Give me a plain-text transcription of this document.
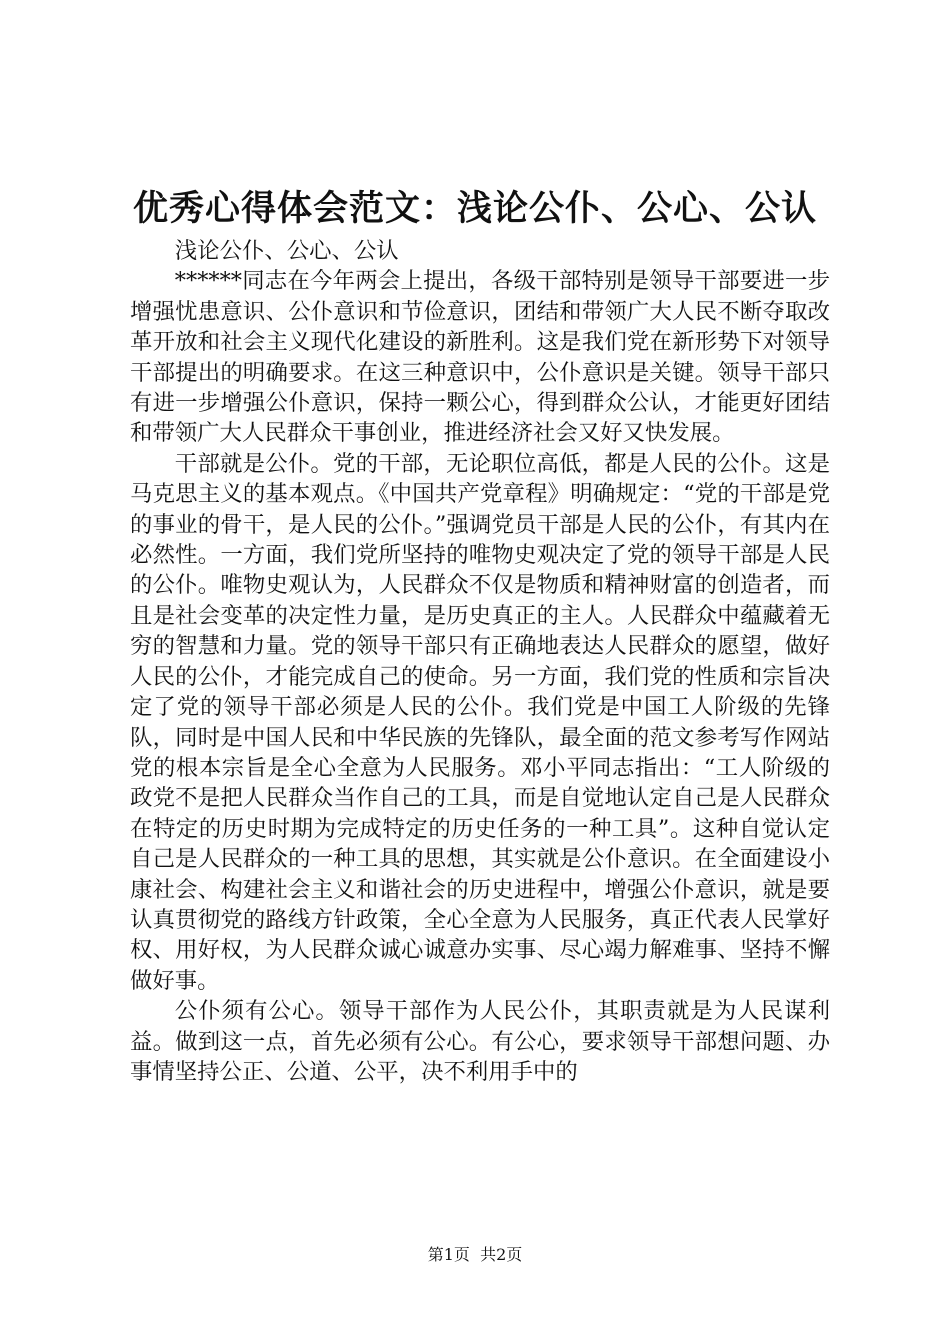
优秀心得体会范文：浅论公仆、公心、公认

浅论公仆、公心、公认

******同志在今年两会上提出，各级干部特别是领导干部要进一步增强忧患意识、公仆意识和节俭意识，团结和带领广大人民不断夺取改革开放和社会主义现代化建设的新胜利。这是我们党在新形势下对领导干部提出的明确要求。在这三种意识中，公仆意识是关键。领导干部只有进一步增强公仆意识，保持一颗公心，得到群众公认，才能更好团结和带领广大人民群众干事创业，推进经济社会又好又快发展。

干部就是公仆。党的干部，无论职位高低，都是人民的公仆。这是马克思主义的基本观点。《中国共产党章程》明确规定：“党的干部是党的事业的骨干，是人民的公仆。”强调党员干部是人民的公仆，有其内在必然性。一方面，我们党所坚持的唯物史观决定了党的领导干部是人民的公仆。唯物史观认为，人民群众不仅是物质和精神财富的创造者，而且是社会变革的决定性力量，是历史真正的主人。人民群众中蕴藏着无穷的智慧和力量。党的领导干部只有正确地表达人民群众的愿望，做好人民的公仆，才能完成自己的使命。另一方面，我们党的性质和宗旨决定了党的领导干部必须是人民的公仆。我们党是中国工人阶级的先锋队，同时是中国人民和中华民族的先锋队，最全面的范文参考写作网站党的根本宗旨是全心全意为人民服务。邓小平同志指出：“工人阶级的政党不是把人民群众当作自己的工具，而是自觉地认定自己是人民群众在特定的历史时期为完成特定的历史任务的一种工具”。这种自觉认定自己是人民群众的一种工具的思想，其实就是公仆意识。在全面建设小康社会、构建社会主义和谐社会的历史进程中，增强公仆意识，就是要认真贯彻党的路线方针政策，全心全意为人民服务，真正代表人民掌好权、用好权，为人民群众诚心诚意办实事、尽心竭力解难事、坚持不懈做好事。

公仆须有公心。领导干部作为人民公仆，其职责就是为人民谋利益。做到这一点，首先必须有公心。有公心，要求领导干部想问题、办事情坚持公正、公道、公平，决不利用手中的

第1页  共2页
